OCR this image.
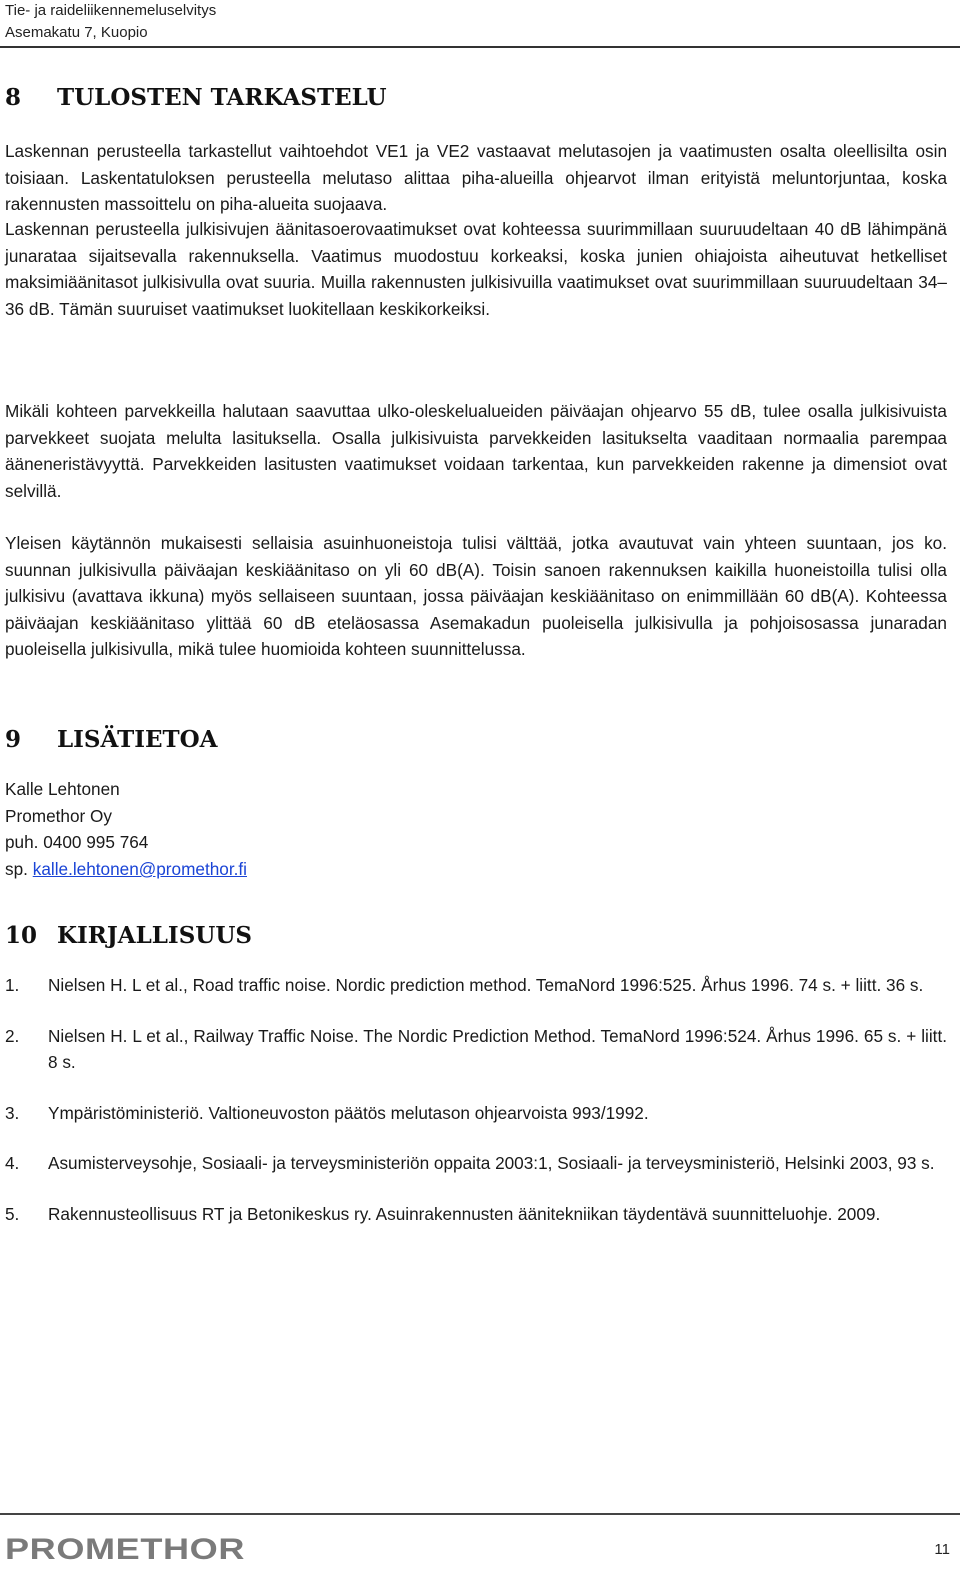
Tie- ja raideliikennemeluselvitys
Asemakatu 7, Kuopio
8 TULOSTEN TARKASTELU

Laskennan perusteella tarkastellut vaihtoehdot VE1 ja VE2 vastaavat melutasojen ja vaatimusten osalta oleellisilta osin toisiaan. Laskentatuloksen perusteella melutaso alittaa piha-alueilla ohjearvot ilman erityistä meluntorjuntaa, koska rakennusten massoittelu on piha-alueita suojaava.

Laskennan perusteella julkisivujen äänitasoerovaatimukset ovat kohteessa suurimmillaan suuruudeltaan 40 dB lähimpänä junarataa sijaitsevalla rakennuksella. Vaatimus muodostuu korkeaksi, koska junien ohiajoista aiheutuvat hetkelliset maksimiäänitasot julkisivulla ovat suuria. Muilla rakennusten julkisivuilla vaatimukset ovat suurimmillaan suuruudeltaan 34–36 dB. Tämän suuruiset vaatimukset luokitellaan keskikorkeiksi.

Mikäli kohteen parvekkeilla halutaan saavuttaa ulko-oleskelualueiden päiväajan ohjearvo 55 dB, tulee osalla julkisivuista parvekkeet suojata melulta lasituksella. Osalla julkisivuista parvekkeiden lasitukselta vaaditaan normaalia parempaa ääneneristävyyttä. Parvekkeiden lasitusten vaatimukset voidaan tarkentaa, kun parvekkeiden rakenne ja dimensiot ovat selvillä.

Yleisen käytännön mukaisesti sellaisia asuinhuoneistoja tulisi välttää, jotka avautuvat vain yhteen suuntaan, jos ko. suunnan julkisivulla päiväajan keskiäänitaso on yli 60 dB(A). Toisin sanoen rakennuksen kaikilla huoneistoilla tulisi olla julkisivu (avattava ikkuna) myös sellaiseen suuntaan, jossa päiväajan keskiäänitaso on enimmillään 60 dB(A). Kohteessa päiväajan keskiäänitaso ylittää 60 dB eteläosassa Asemakadun puoleisella julkisivulla ja pohjoisosassa junaradan puoleisella julkisivulla, mikä tulee huomioida kohteen suunnittelussa.

9 LISÄTIETOA
Kalle Lehtonen
Promethor Oy
puh. 0400 995 764
sp. kalle.lehtonen@promethor.fi
10 KIRJALLISUUS
1. Nielsen H. L et al., Road traffic noise. Nordic prediction method. TemaNord 1996:525. Århus 1996. 74 s. + liitt. 36 s.
2. Nielsen H. L et al., Railway Traffic Noise. The Nordic Prediction Method. TemaNord 1996:524. Århus 1996. 65 s. + liitt. 8 s.
3. Ympäristöministeriö. Valtioneuvoston päätös melutason ohjearvoista 993/1992.
4. Asumisterveysohje, Sosiaali- ja terveysministeriön oppaita 2003:1, Sosiaali- ja terveysministeriö, Helsinki 2003, 93 s.
5. Rakennusteollisuus RT ja Betonikeskus ry. Asuinrakennusten äänitekniikan täydentävä suunnitteluohje. 2009.
PROMETHOR	11
